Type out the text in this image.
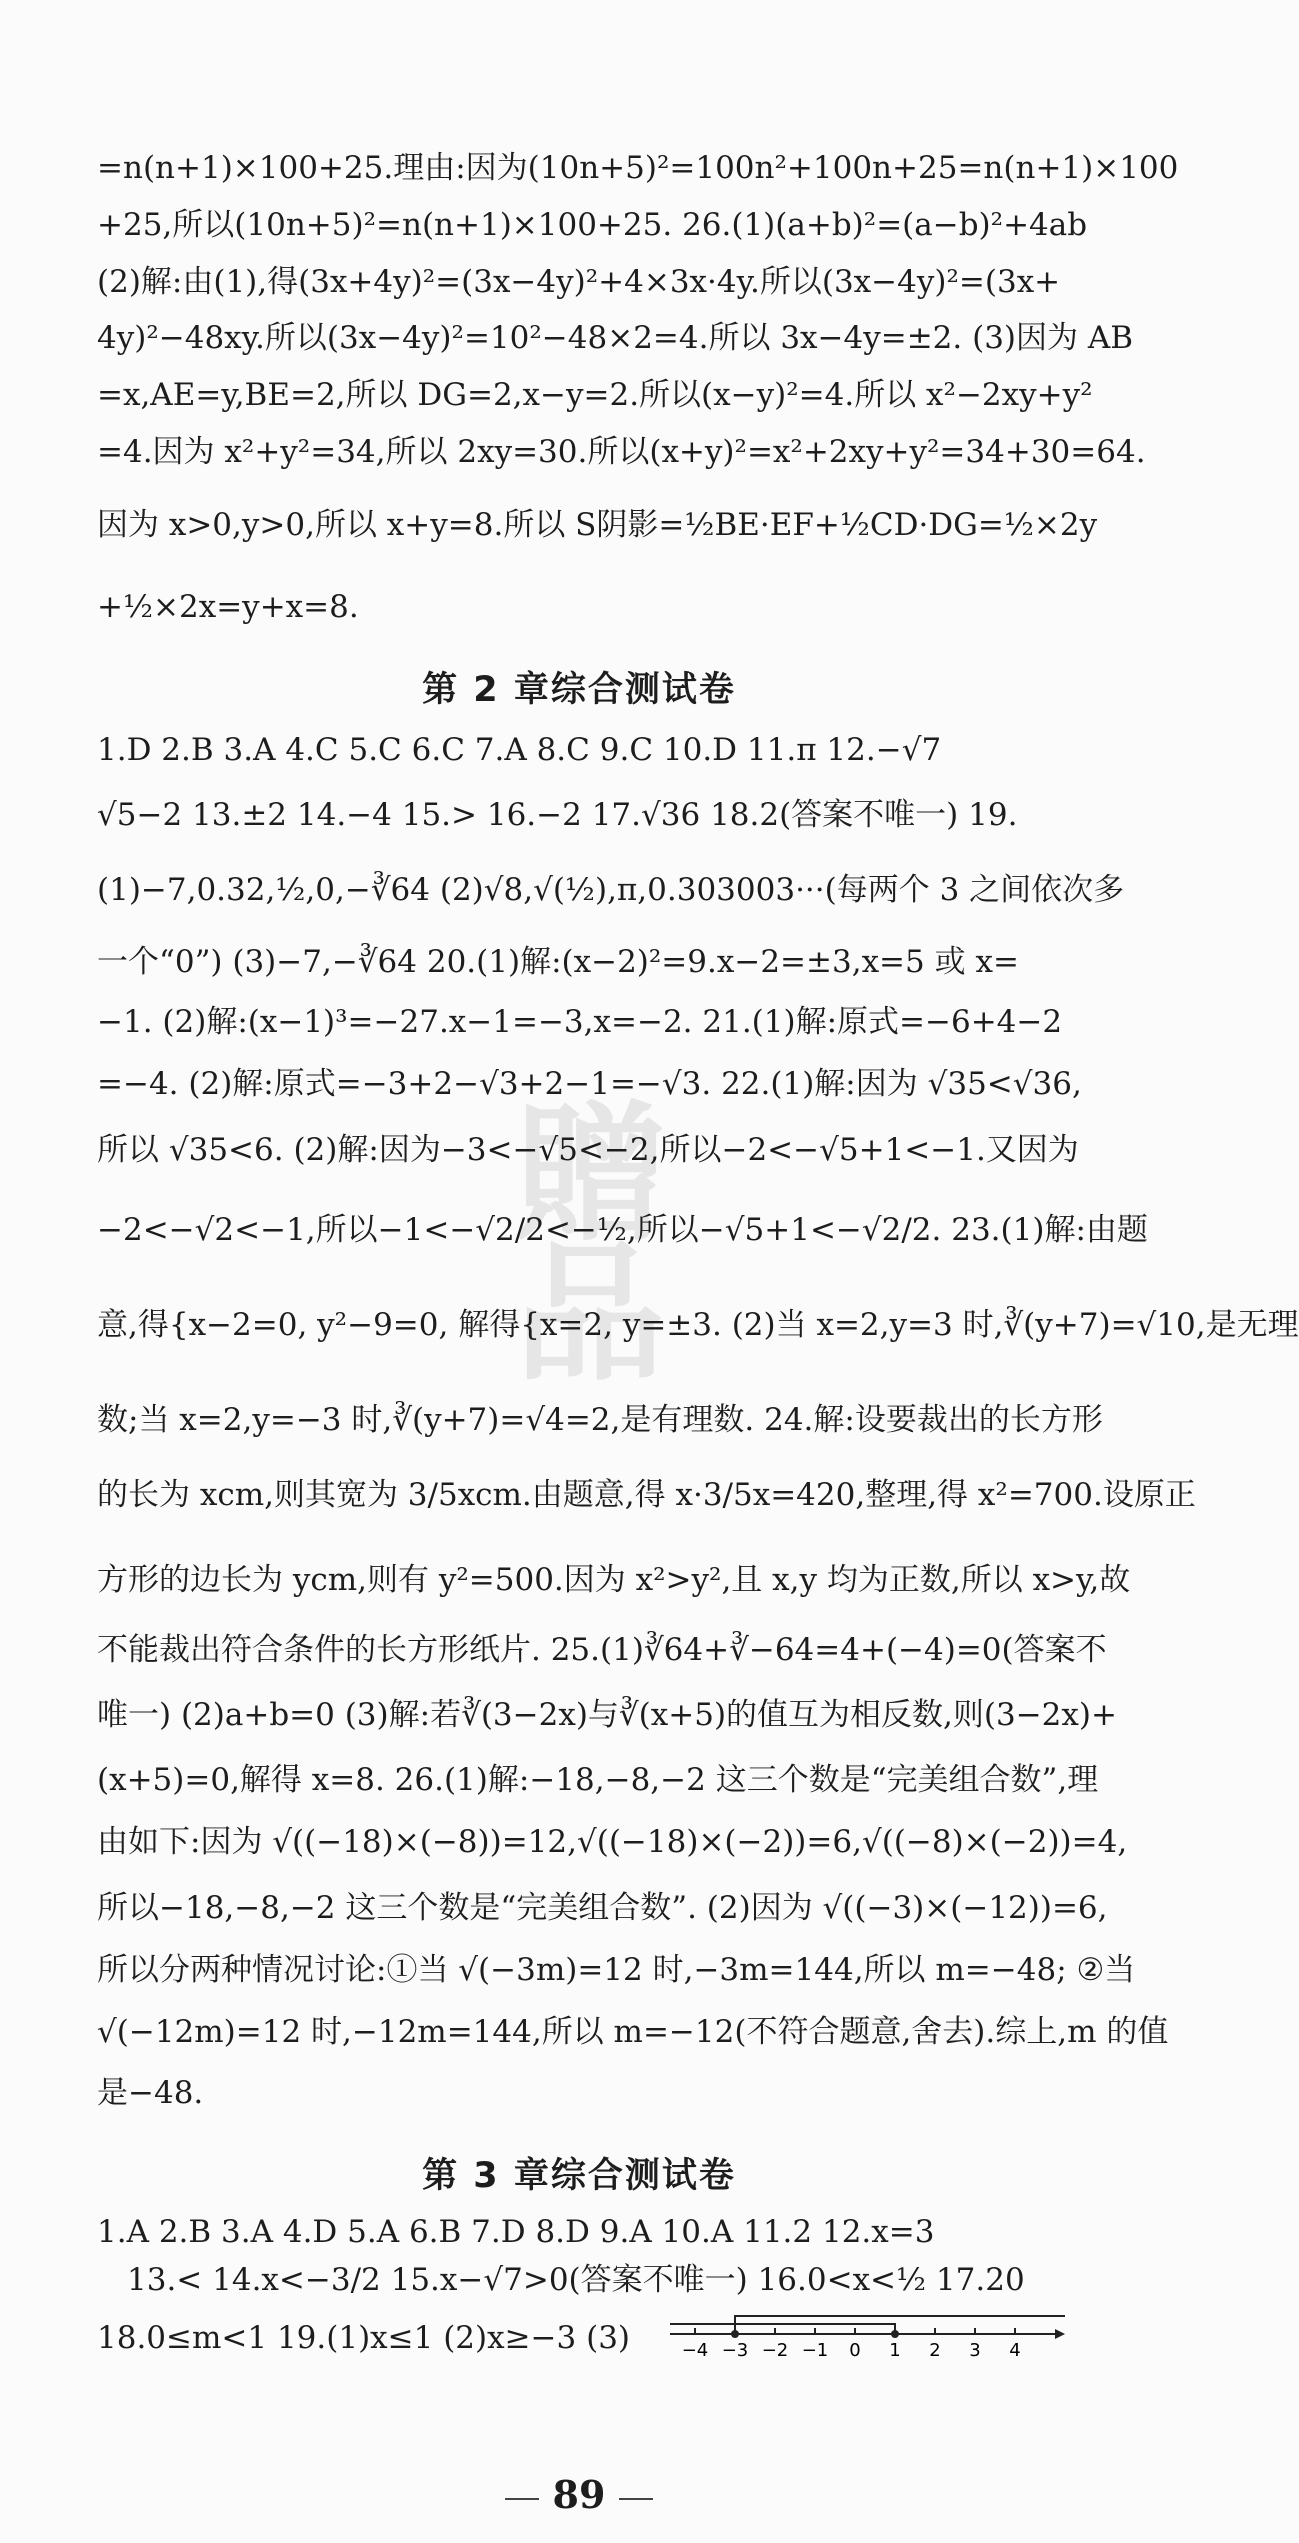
贈
品
=n(n+1)×100+25.理由:因为(10n+5)²=100n²+100n+25=n(n+1)×100
+25,所以(10n+5)²=n(n+1)×100+25. 26.(1)(a+b)²=(a−b)²+4ab
(2)解:由(1),得(3x+4y)²=(3x−4y)²+4×3x·4y.所以(3x−4y)²=(3x+
4y)²−48xy.所以(3x−4y)²=10²−48×2=4.所以 3x−4y=±2. (3)因为 AB
=x,AE=y,BE=2,所以 DG=2,x−y=2.所以(x−y)²=4.所以 x²−2xy+y²
=4.因为 x²+y²=34,所以 2xy=30.所以(x+y)²=x²+2xy+y²=34+30=64.
因为 x>0,y>0,所以 x+y=8.所以 S阴影=½BE·EF+½CD·DG=½×2y
+½×2x=y+x=8.
第 2 章综合测试卷
1.D 2.B 3.A 4.C 5.C 6.C 7.A 8.C 9.C 10.D 11.π 12.−√7
√5−2 13.±2 14.−4 15.> 16.−2 17.√36 18.2(答案不唯一) 19.
(1)−7,0.32,½,0,−∛64 (2)√8,√(½),π,0.303003···(每两个 3 之间依次多
一个“0”) (3)−7,−∛64 20.(1)解:(x−2)²=9.x−2=±3,x=5 或 x=
−1. (2)解:(x−1)³=−27.x−1=−3,x=−2. 21.(1)解:原式=−6+4−2
=−4. (2)解:原式=−3+2−√3+2−1=−√3. 22.(1)解:因为 √35<√36,
所以 √35<6. (2)解:因为−3<−√5<−2,所以−2<−√5+1<−1.又因为
−2<−√2<−1,所以−1<−√2/2<−½,所以−√5+1<−√2/2. 23.(1)解:由题
意,得{x−2=0, y²−9=0, 解得{x=2, y=±3. (2)当 x=2,y=3 时,∛(y+7)=√10,是无理
数;当 x=2,y=−3 时,∛(y+7)=√4=2,是有理数. 24.解:设要裁出的长方形
的长为 xcm,则其宽为 3/5xcm.由题意,得 x·3/5x=420,整理,得 x²=700.设原正
方形的边长为 ycm,则有 y²=500.因为 x²>y²,且 x,y 均为正数,所以 x>y,故
不能裁出符合条件的长方形纸片. 25.(1)∛64+∛−64=4+(−4)=0(答案不
唯一) (2)a+b=0 (3)解:若∛(3−2x)与∛(x+5)的值互为相反数,则(3−2x)+
(x+5)=0,解得 x=8. 26.(1)解:−18,−8,−2 这三个数是“完美组合数”,理
由如下:因为 √((−18)×(−8))=12,√((−18)×(−2))=6,√((−8)×(−2))=4,
所以−18,−8,−2 这三个数是“完美组合数”. (2)因为 √((−3)×(−12))=6,
所以分两种情况讨论:①当 √(−3m)=12 时,−3m=144,所以 m=−48; ②当
√(−12m)=12 时,−12m=144,所以 m=−12(不符合题意,舍去).综上,m 的值
是−48.
第 3 章综合测试卷
1.A 2.B 3.A 4.D 5.A 6.B 7.D 8.D 9.A 10.A 11.2 12.x=3
13.< 14.x<−3/2 15.x−√7>0(答案不唯一) 16.0<x<½ 17.20
18.0≤m<1 19.(1)x≤1 (2)x≥−3 (3)	−4 −3 −2 −1 0 1 2 3 4
89
